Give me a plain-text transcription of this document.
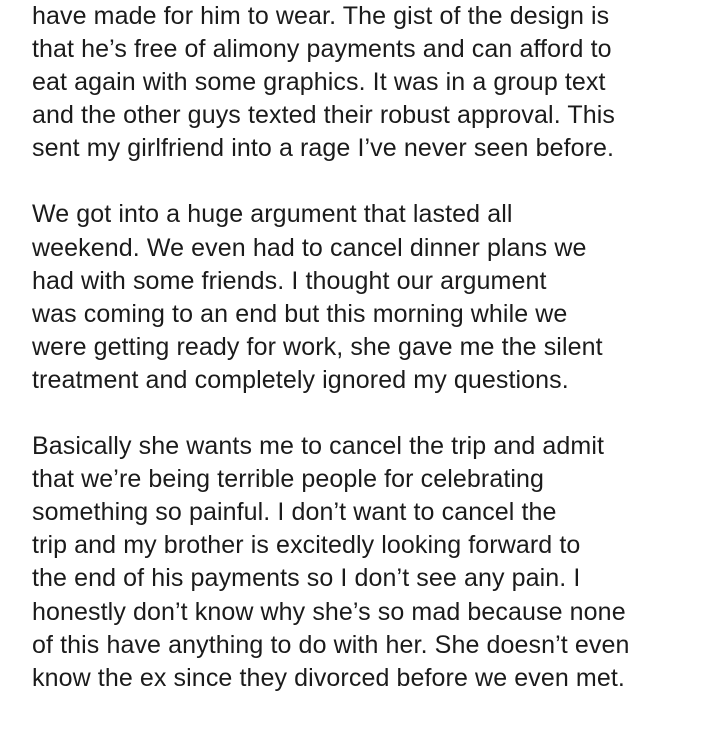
have made for him to wear. The gist of the design is
that he’s free of alimony payments and can afford to
eat again with some graphics. It was in a group text
and the other guys texted their robust approval. This
sent my girlfriend into a rage I’ve never seen before.

We got into a huge argument that lasted all
weekend. We even had to cancel dinner plans we
had with some friends. I thought our argument
was coming to an end but this morning while we
were getting ready for work, she gave me the silent
treatment and completely ignored my questions.

Basically she wants me to cancel the trip and admit
that we’re being terrible people for celebrating
something so painful. I don’t want to cancel the
trip and my brother is excitedly looking forward to
the end of his payments so I don’t see any pain. I
honestly don’t know why she’s so mad because none
of this have anything to do with her. She doesn’t even
know the ex since they divorced before we even met.
